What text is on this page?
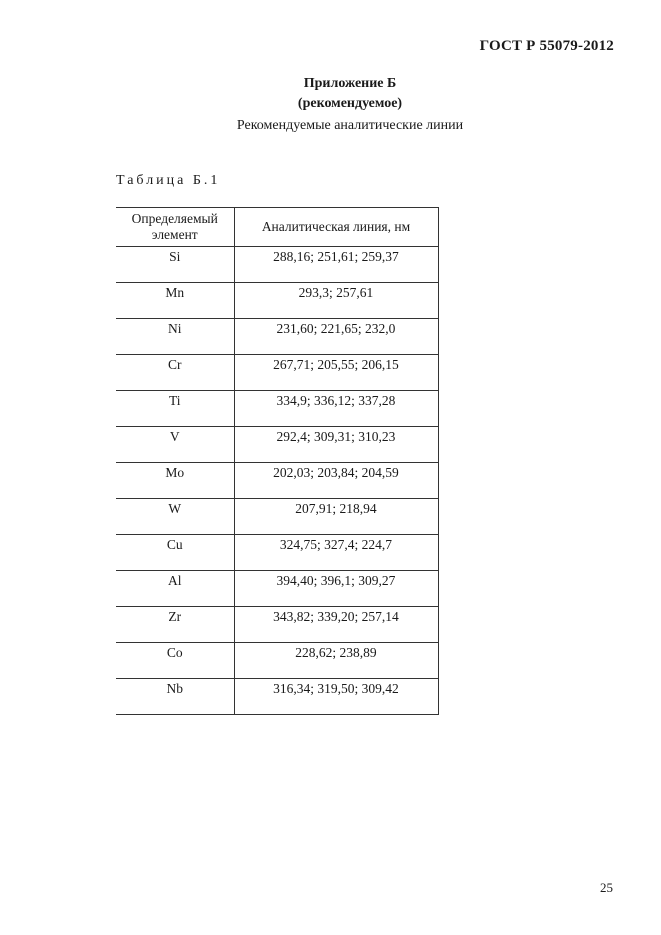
ГОСТ Р 55079-2012
Приложение Б
(рекомендуемое)
Рекомендуемые аналитические линии
Таблица Б.1
Определяемый элемент	Аналитическая линия, нм
Si	288,16; 251,61; 259,37
Mn	293,3; 257,61
Ni	231,60; 221,65; 232,0
Cr	267,71; 205,55; 206,15
Ti	334,9; 336,12; 337,28
V	292,4; 309,31; 310,23
Mo	202,03; 203,84; 204,59
W	207,91; 218,94
Cu	324,75; 327,4; 224,7
Al	394,40; 396,1; 309,27
Zr	343,82; 339,20; 257,14
Co	228,62; 238,89
Nb	316,34; 319,50; 309,42
25
